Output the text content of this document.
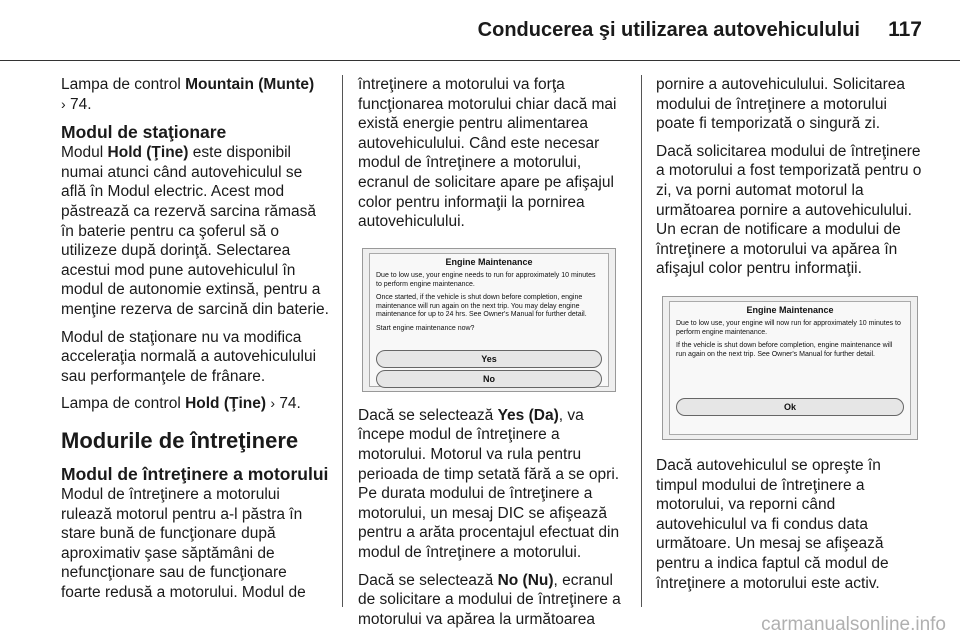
Conducerea şi utilizarea autovehiculului 117

Lampa de control Mountain (Munte)
› 74.

Modul de staţionare

Modul Hold (Ţine) este disponibil numai atunci când autovehiculul se află în Modul electric. Acest mod păstrează ca rezervă sarcina rămasă în baterie pentru ca şoferul să o utilizeze după dorinţă. Selectarea acestui mod pune autovehiculul în modul de autonomie extinsă, pentru a menţine rezerva de sarcină din baterie.

Modul de staţionare nu va modifica acceleraţia normală a autovehiculului sau performanţele de frânare.

Lampa de control Hold (Ţine) › 74.

Modurile de întreţinere
Modul de întreţinere a motorului

Modul de întreţinere a motorului rulează motorul pentru a-l păstra în stare bună de funcţionare după aproximativ şase săptămâni de nefuncţionare sau de funcţionare foarte redusă a motorului. Modul de

întreţinere a motorului va forţa funcţionarea motorului chiar dacă mai există energie pentru alimentarea autovehiculului. Când este necesar modul de întreţinere a motorului, ecranul de solicitare apare pe afişajul color pentru informaţii la pornirea autovehiculului.

Engine Maintenance
Due to low use, your engine needs to run for approximately 10 minutes to perform engine maintenance.
Once started, if the vehicle is shut down before completion, engine maintenance will run again on the next trip. You may delay engine maintenance for up to 24 hrs. See Owner's Manual for further detail.
Start engine maintenance now?
Yes
No

Dacă se selectează Yes (Da), va începe modul de întreţinere a motorului. Motorul va rula pentru perioada de timp setată fără a se opri. Pe durata modului de întreţinere a motorului, un mesaj DIC se afişează pentru a arăta procentajul efectuat din modul de întreţinere a motorului.

Dacă se selectează No (Nu), ecranul de solicitare a modului de întreţinere a motorului va apărea la următoarea

pornire a autovehiculului. Solicitarea modului de întreţinere a motorului poate fi temporizată o singură zi.

Dacă solicitarea modului de întreţinere a motorului a fost temporizată pentru o zi, va porni automat motorul la următoarea pornire a autovehiculului. Un ecran de notificare a modului de întreţinere a motorului va apărea în afişajul color pentru informaţii.

Engine Maintenance
Due to low use, your engine will now run for approximately 10 minutes to perform engine maintenance.
If the vehicle is shut down before completion, engine maintenance will run again on the next trip. See Owner's Manual for further detail.
Ok

Dacă autovehiculul se opreşte în timpul modului de întreţinere a motorului, va reporni când autovehiculul va fi condus data următoare. Un mesaj se afişează pentru a indica faptul că modul de întreţinere a motorului este activ.

carmanualsonline.info
